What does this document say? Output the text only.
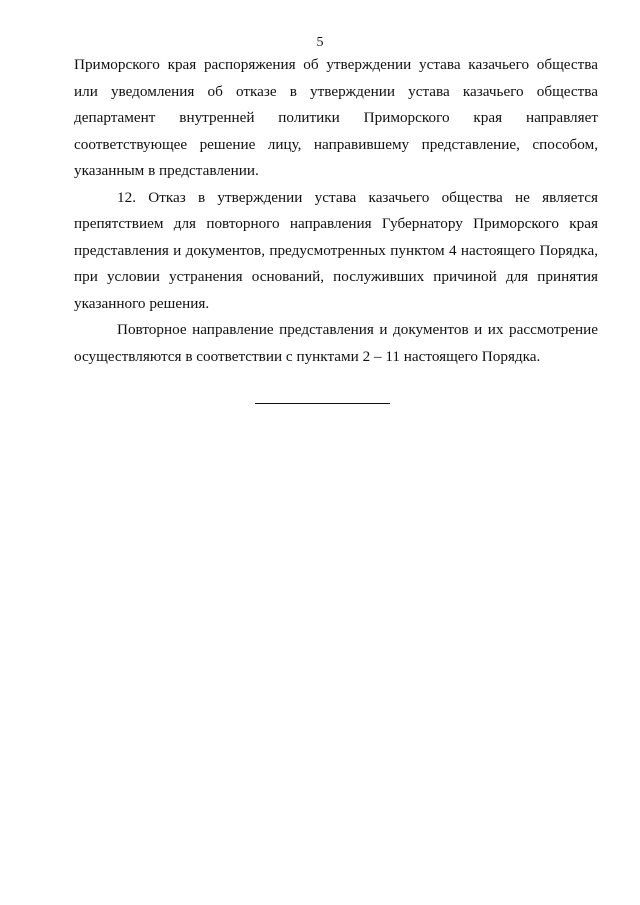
5

Приморского края распоряжения об утверждении устава казачьего общества или уведомления об отказе в утверждении устава казачьего общества департамент внутренней политики Приморского края направляет соответствующее решение лицу, направившему представление, способом, указанным в представлении.

12. Отказ в утверждении устава казачьего общества не является препятствием для повторного направления Губернатору Приморского края представления и документов, предусмотренных пунктом 4 настоящего Порядка, при условии устранения оснований, послуживших причиной для принятия указанного решения.

Повторное направление представления и документов и их рассмотрение осуществляются в соответствии с пунктами 2 – 11 настоящего Порядка.
